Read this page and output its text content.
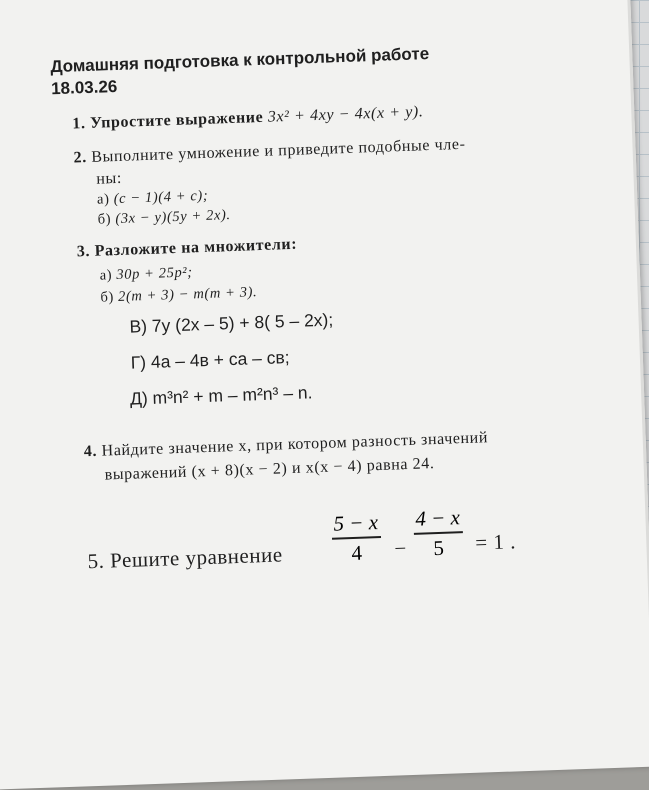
Домашняя подготовка к контрольной работе
18.03.26
1. Упростите выражение 3x² + 4xy − 4x(x + y).
2. Выполните умножение и приведите подобные чле-
ны:
а) (c − 1)(4 + c);
б) (3x − y)(5y + 2x).
3. Разложите на множители:
а) 30p + 25p²;
б) 2(m + 3) − m(m + 3).
В) 7y (2x – 5) + 8( 5 – 2x);
Г) 4а – 4в + са – св;
Д) m³n² + m – m²n³ – n.
4. Найдите значение x, при котором разность значений
выражений (x + 8)(x − 2) и x(x − 4) равна 24.
5. Решите уравнение
5 − x
4 −
4 − x
5 = 1 .
